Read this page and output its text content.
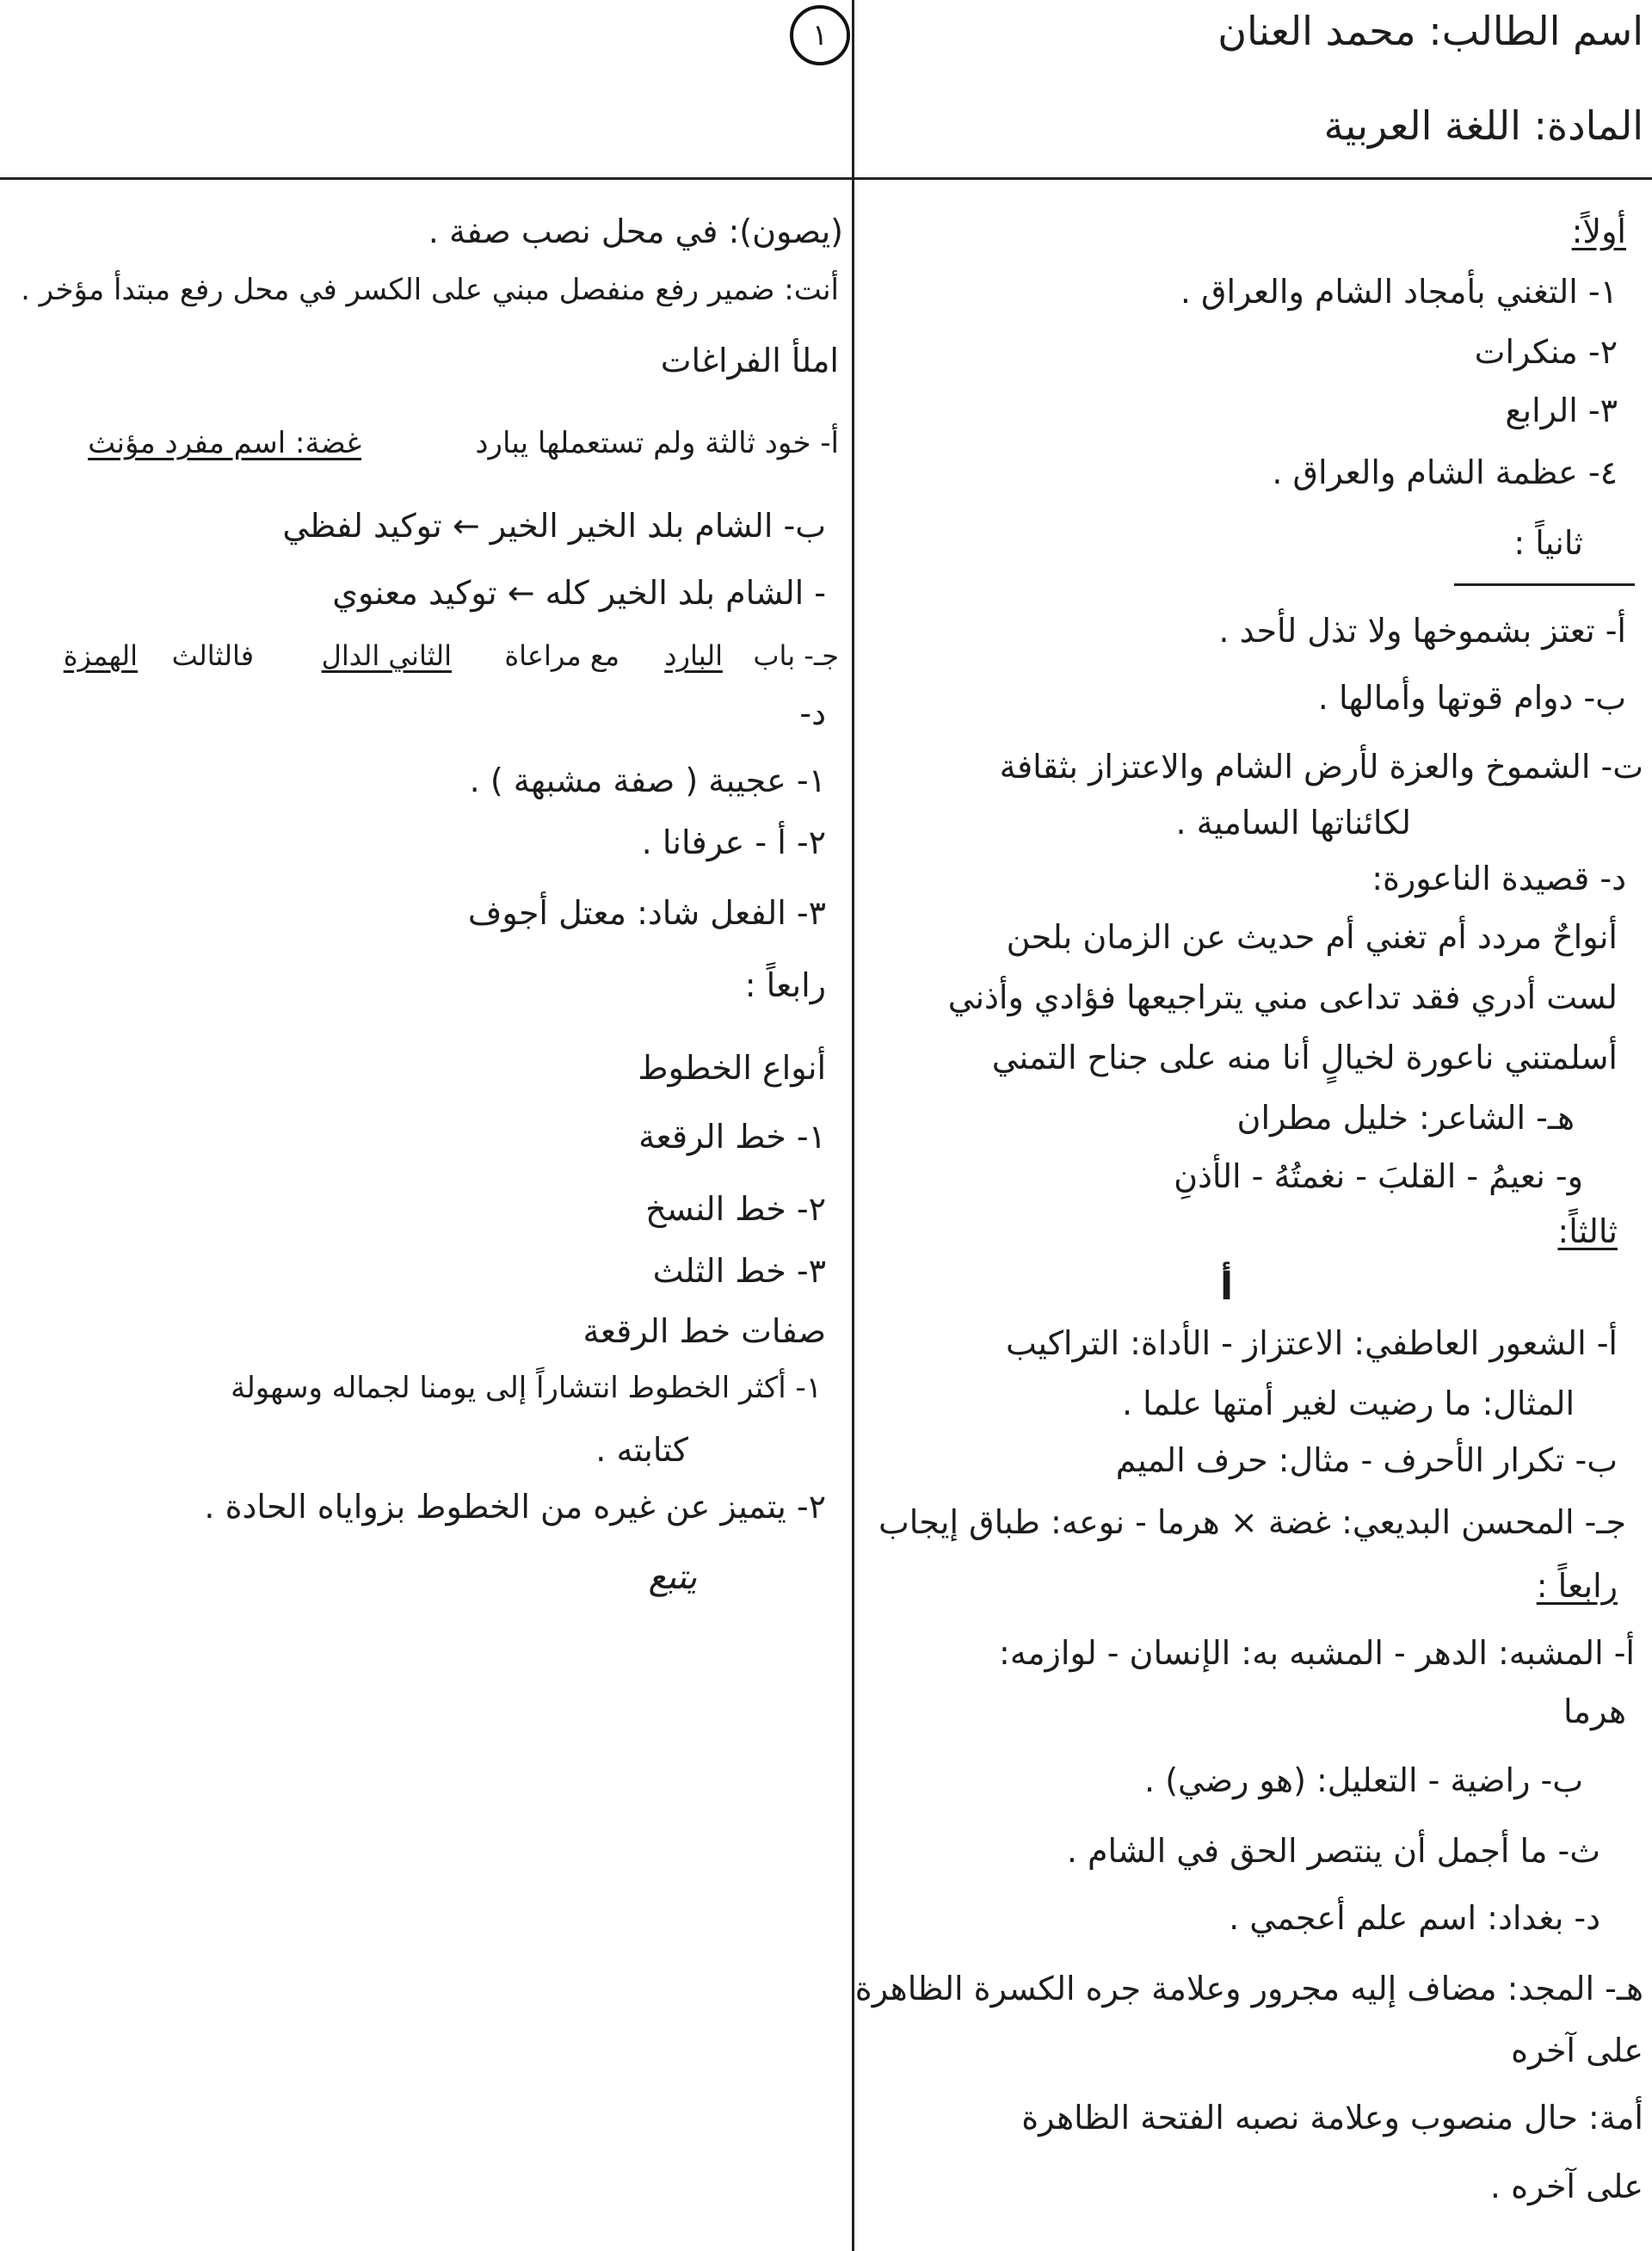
١	اسم الطالب: محمد العنان
المادة: اللغة العربية
أولاً:
١- التغني بأمجاد الشام والعراق .
٢- منكرات
٣- الرابع
٤- عظمة الشام والعراق .
ثانياً :
أ- تعتز بشموخها ولا تذل لأحد .
ب- دوام قوتها وأمالها .
ت- الشموخ والعزة لأرض الشام والاعتزاز بثقافة
لكائناتها السامية .
د- قصيدة الناعورة:
أنواحٌ مردد أم تغني أم حديث عن الزمان بلحن
لست أدري فقد تداعى مني يتراجيعها فؤادي وأذني
أسلمتني ناعورة لخيالٍ أنا منه على جناح التمني
هـ- الشاعر: خليل مطران
و- نعيمُ - القلبَ - نغمتُهُ - الأذنِ
ثالثاً:
أ
أ- الشعور العاطفي: الاعتزاز - الأداة: التراكيب
المثال: ما رضيت لغير أمتها علما .
ب- تكرار الأحرف - مثال: حرف الميم
جـ- المحسن البديعي: غضة × هرما - نوعه: طباق إيجاب
رابعاً :
أ- المشبه: الدهر - المشبه به: الإنسان - لوازمه:
هرما
ب- راضية - التعليل: (هو رضي) .
ث- ما أجمل أن ينتصر الحق في الشام .
د- بغداد: اسم علم أعجمي .
هـ- المجد: مضاف إليه مجرور وعلامة جره الكسرة الظاهرة
على آخره
أمة: حال منصوب وعلامة نصبه الفتحة الظاهرة
على آخره .
(يصون): في محل نصب صفة .
أنت: ضمير رفع منفصل مبني على الكسر في محل رفع مبتدأ مؤخر .
املأ الفراغات
أ- خود ثالثة ولم تستعملها يبارد
غضة: اسم مفرد مؤنث
ب- الشام بلد الخير الخير ← توكيد لفظي
- الشام بلد الخير كله ← توكيد معنوي
جـ- باب
البارد
مع مراعاة
الثاني الدال
فالثالث
الهمزة
د-
١- عجيبة ( صفة مشبهة ) .
٢- أ - عرفانا .
٣- الفعل شاد: معتل أجوف
رابعاً :
أنواع الخطوط
١- خط الرقعة
٢- خط النسخ
٣- خط الثلث
صفات خط الرقعة
١- أكثر الخطوط انتشاراً إلى يومنا لجماله وسهولة
كتابته .
٢- يتميز عن غيره من الخطوط بزواياه الحادة .
يتبع
